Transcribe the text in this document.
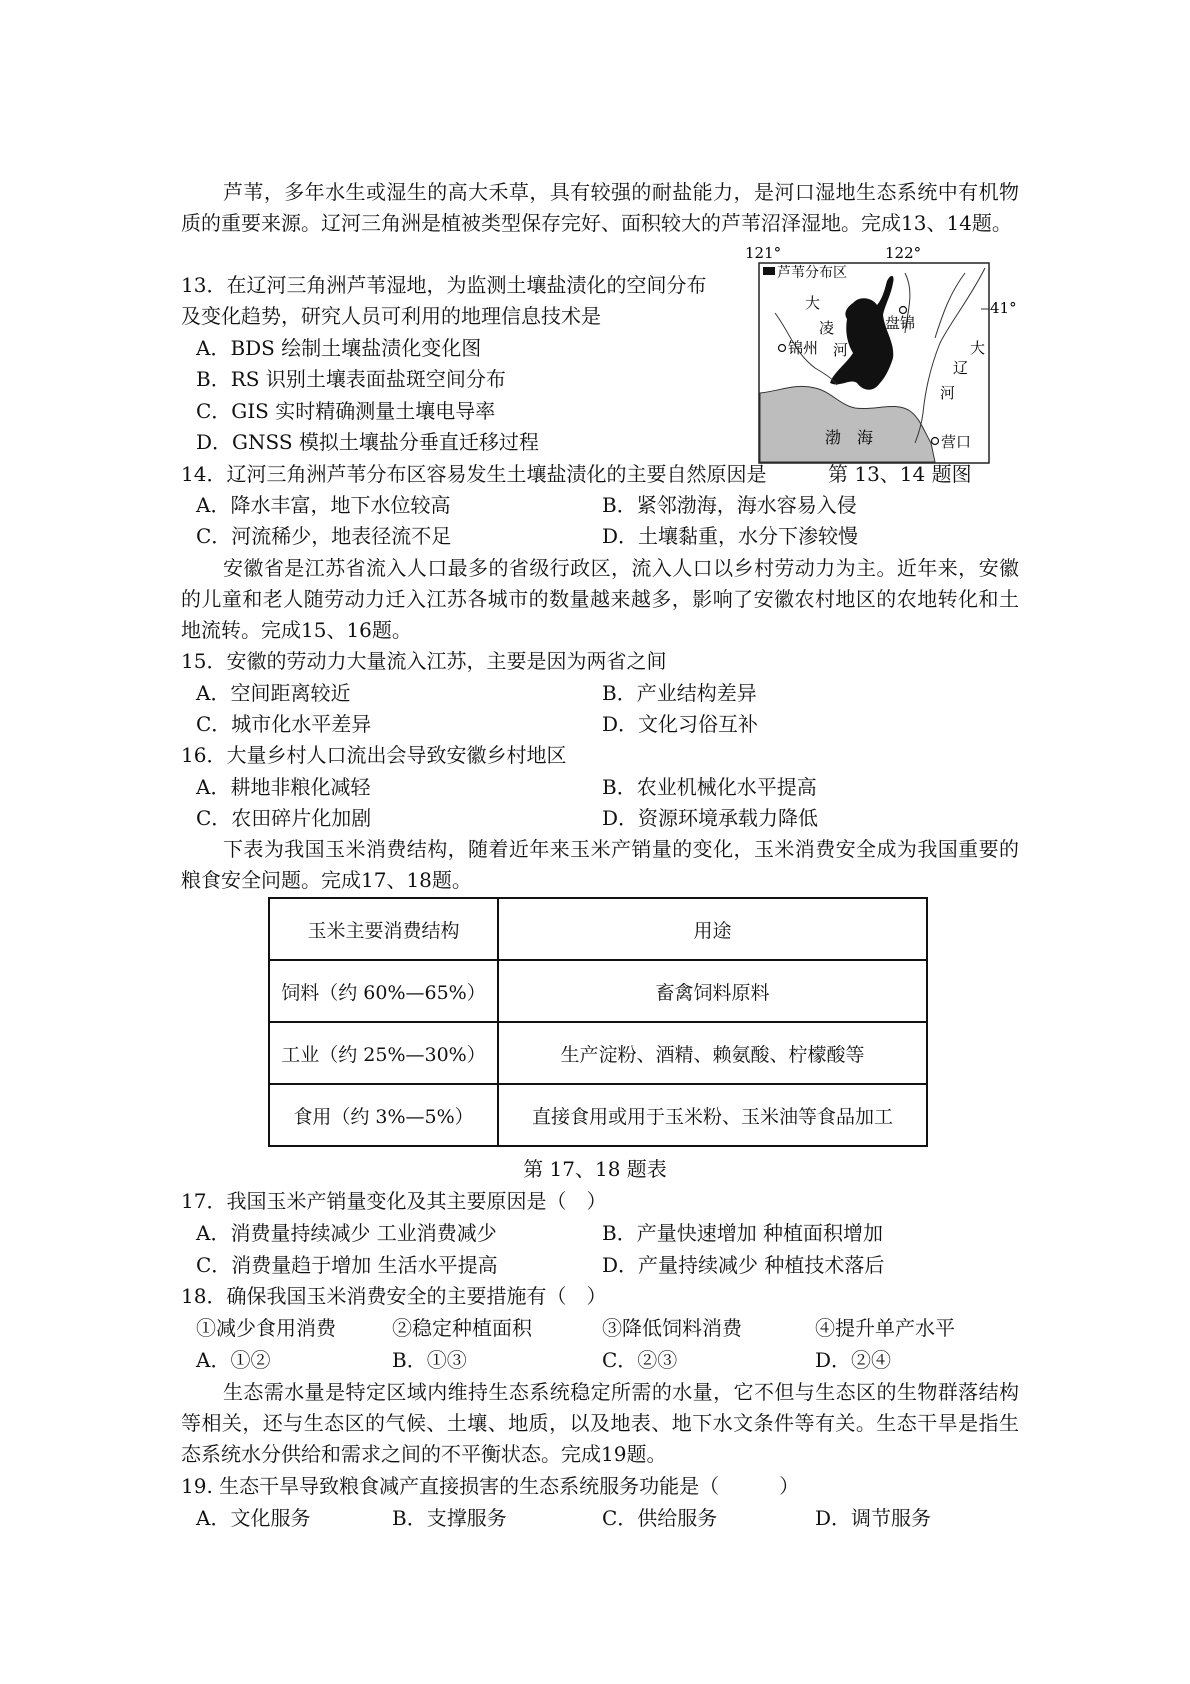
芦苇，多年水生或湿生的高大禾草，具有较强的耐盐能力，是河口湿地生态系统中有机物质的重要来源。辽河三角洲是植被类型保存完好、面积较大的芦苇沼泽湿地。完成13、14题。
13．在辽河三角洲芦苇湿地，为监测土壤盐渍化的空间分布
及变化趋势，研究人员可利用的地理信息技术是
A．BDS 绘制土壤盐渍化变化图
B．RS 识别土壤表面盐斑空间分布
C．GIS 实时精确测量土壤电导率
D．GNSS 模拟土壤盐分垂直迁移过程
121°	122°
芦苇分布区
大
凌
河	大
辽
河
锦州
盘锦
营口
渤　海
41°
第 13、14 题图
14．辽河三角洲芦苇分布区容易发生土壤盐渍化的主要自然原因是
A．降水丰富，地下水位较高	B．紧邻渤海，海水容易入侵
C．河流稀少，地表径流不足	D．土壤黏重，水分下渗较慢
安徽省是江苏省流入人口最多的省级行政区，流入人口以乡村劳动力为主。近年来，安徽的儿童和老人随劳动力迁入江苏各城市的数量越来越多，影响了安徽农村地区的农地转化和土地流转。完成15、16题。
15．安徽的劳动力大量流入江苏，主要是因为两省之间
A．空间距离较近	B．产业结构差异
C．城市化水平差异	D．文化习俗互补
16．大量乡村人口流出会导致安徽乡村地区
A．耕地非粮化减轻	B．农业机械化水平提高
C．农田碎片化加剧	D．资源环境承载力降低
下表为我国玉米消费结构，随着近年来玉米产销量的变化，玉米消费安全成为我国重要的粮食安全问题。完成17、18题。
玉米主要消费结构	用途
饲料（约 60%—65%）	畜禽饲料原料
工业（约 25%—30%）	生产淀粉、酒精、赖氨酸、柠檬酸等
食用（约 3%—5%）	直接食用或用于玉米粉、玉米油等食品加工
第 17、18 题表
17．我国玉米产销量变化及其主要原因是（　）
A．消费量持续减少 工业消费减少	B．产量快速增加 种植面积增加
C．消费量趋于增加 生活水平提高	D．产量持续减少 种植技术落后
18．确保我国玉米消费安全的主要措施有（　）
①减少食用消费	②稳定种植面积	③降低饲料消费	④提升单产水平
A．①②	B．①③	C．②③	D．②④
生态需水量是特定区域内维持生态系统稳定所需的水量，它不但与生态区的生物群落结构等相关，还与生态区的气候、土壤、地质，以及地表、地下水文条件等有关。生态干旱是指生态系统水分供给和需求之间的不平衡状态。完成19题。
19. 生态干旱导致粮食减产直接损害的生态系统服务功能是（　　　）
A．文化服务	B．支撑服务	C．供给服务	D．调节服务
